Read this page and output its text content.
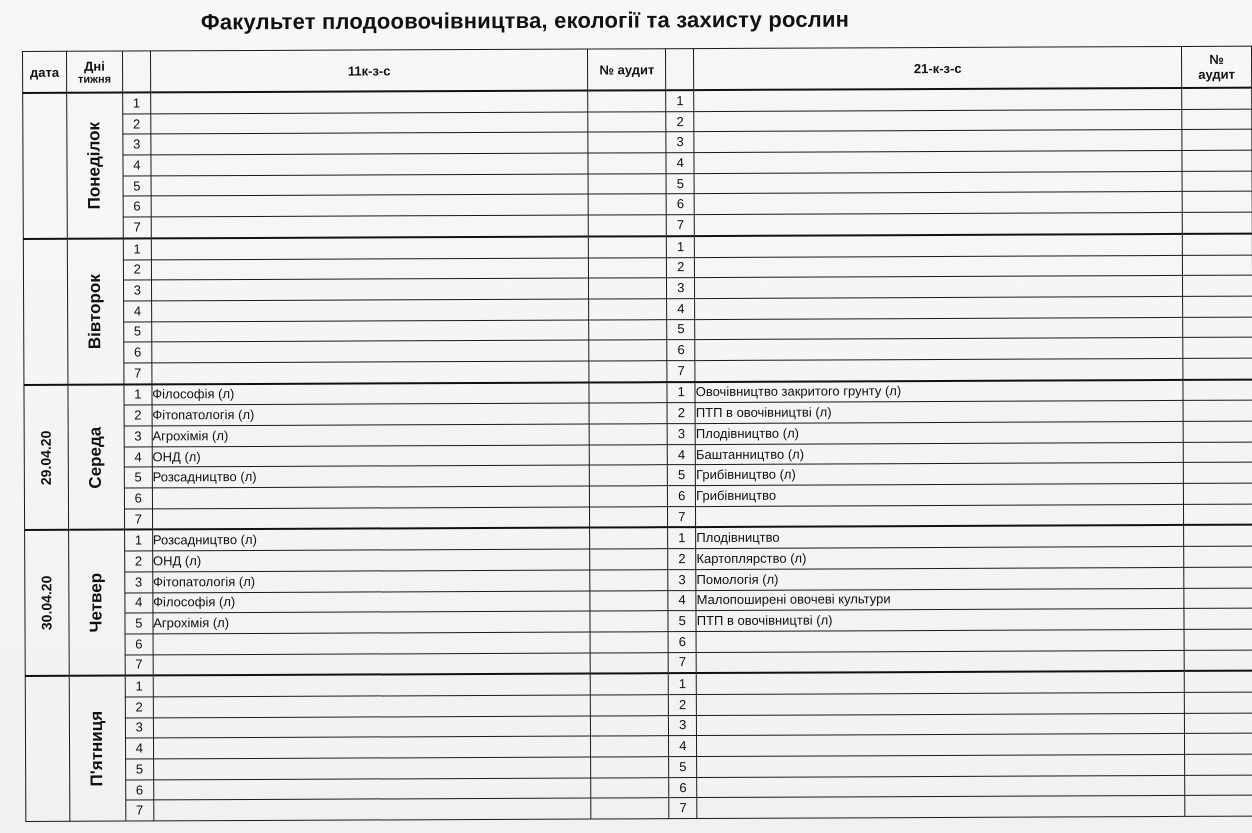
Факультет плодоовочівництва, екології та захисту рослин
дата	Дні
тижня		11к-з-с	№ аудит		21-к-з-с	№
аудит

	Понеділок	1			1		
		2			2		
		3			3		
		4			4		
		5			5		
		6			6		
		7			7		

	Вівторок	1			1		
		2			2		
		3			3		
		4			4		
		5			5		
		6			6		
		7			7		

29.04.20	Середа	1	Філософія (л)		1	Овочівництво закритого грунту (л)	
		2	Фітопатологія (л)		2	ПТП в овочівництві (л)	
		3	Агрохімія (л)		3	Плодівництво (л)	
		4	ОНД (л)		4	Баштанництво (л)	
		5	Розсадництво (л)		5	Грибівництво (л)	
		6			6	Грибівництво	
		7			7		

30.04.20	Четвер	1	Розсадництво (л)		1	Плодівництво	
		2	ОНД (л)		2	Картоплярство (л)	
		3	Фітопатологія (л)		3	Помологія (л)	
		4	Філософія (л)		4	Малопоширені овочеві культури	
		5	Агрохімія (л)		5	ПТП в овочівництві (л)	
		6			6		
		7			7		

	П'ятниця	1			1		
		2			2		
		3			3		
		4			4		
		5			5		
		6			6		
		7			7		
